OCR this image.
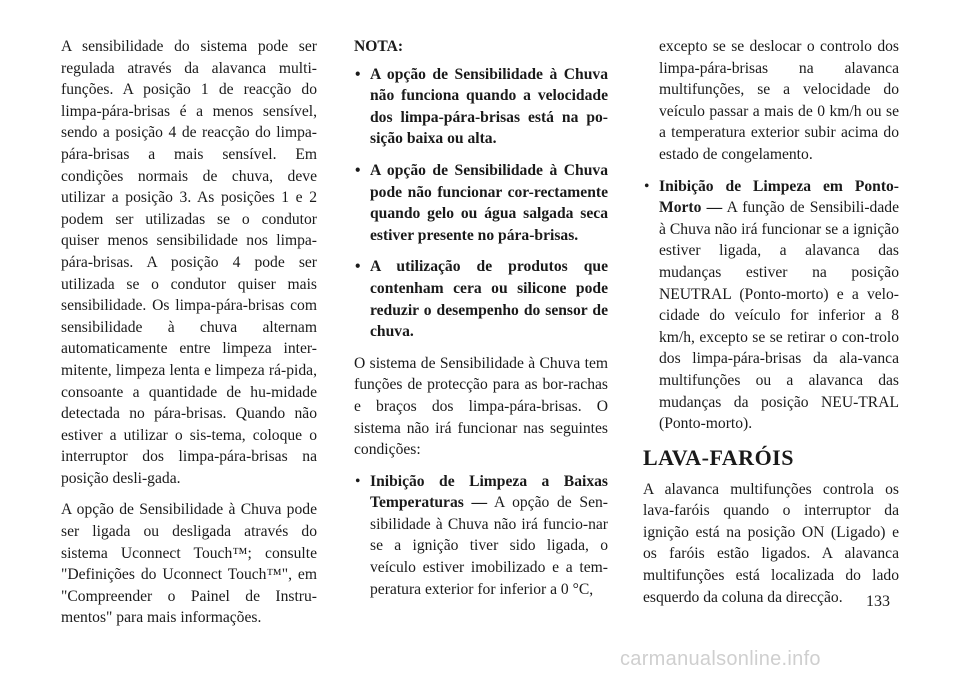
A sensibilidade do sistema pode ser regulada através da alavanca multi-funções. A posição 1 de reacção do limpa-pára-brisas é a menos sensível, sendo a posição 4 de reacção do limpa-pára-brisas a mais sensível. Em condições normais de chuva, deve utilizar a posição 3. As posições 1 e 2 podem ser utilizadas se o condutor quiser menos sensibilidade nos limpa-pára-brisas. A posição 4 pode ser utilizada se o condutor quiser mais sensibilidade. Os limpa-pára-brisas com sensibilidade à chuva alternam automaticamente entre limpeza inter-mitente, limpeza lenta e limpeza rá-pida, consoante a quantidade de hu-midade detectada no pára-brisas. Quando não estiver a utilizar o sis-tema, coloque o interruptor dos limpa-pára-brisas na posição desli-gada.

A opção de Sensibilidade à Chuva pode ser ligada ou desligada através do sistema Uconnect Touch™; consulte "Definições do Uconnect Touch™", em "Compreender o Painel de Instru-mentos" para mais informações.

NOTA:

• A opção de Sensibilidade à Chuva não funciona quando a velocidade dos limpa-pára-brisas está na po-sição baixa ou alta.
• A opção de Sensibilidade à Chuva pode não funcionar cor-rectamente quando gelo ou água salgada seca estiver presente no pára-brisas.
• A utilização de produtos que contenham cera ou silicone pode reduzir o desempenho do sensor de chuva.

O sistema de Sensibilidade à Chuva tem funções de protecção para as bor-rachas e braços dos limpa-pára-brisas. O sistema não irá funcionar nas seguintes condições:

• Inibição de Limpeza a Baixas Temperaturas — A opção de Sen-sibilidade à Chuva não irá funcio-nar se a ignição tiver sido ligada, o veículo estiver imobilizado e a tem-peratura exterior for inferior a 0 °C,

excepto se se deslocar o controlo dos limpa-pára-brisas na alavanca multifunções, se a velocidade do veículo passar a mais de 0 km/h ou se a temperatura exterior subir acima do estado de congelamento.

• Inibição de Limpeza em Ponto-Morto — A função de Sensibili-dade à Chuva não irá funcionar se a ignição estiver ligada, a alavanca das mudanças estiver na posição NEUTRAL (Ponto-morto) e a velo-cidade do veículo for inferior a 8 km/h, excepto se se retirar o con-trolo dos limpa-pára-brisas da ala-vanca multifunções ou a alavanca das mudanças da posição NEU-TRAL (Ponto-morto).
LAVA-FARÓIS

A alavanca multifunções controla os lava-faróis quando o interruptor da ignição está na posição ON (Ligado) e os faróis estão ligados. A alavanca multifunções está localizada do lado esquerdo da coluna da direcção.	133
carmanualsonline.info
